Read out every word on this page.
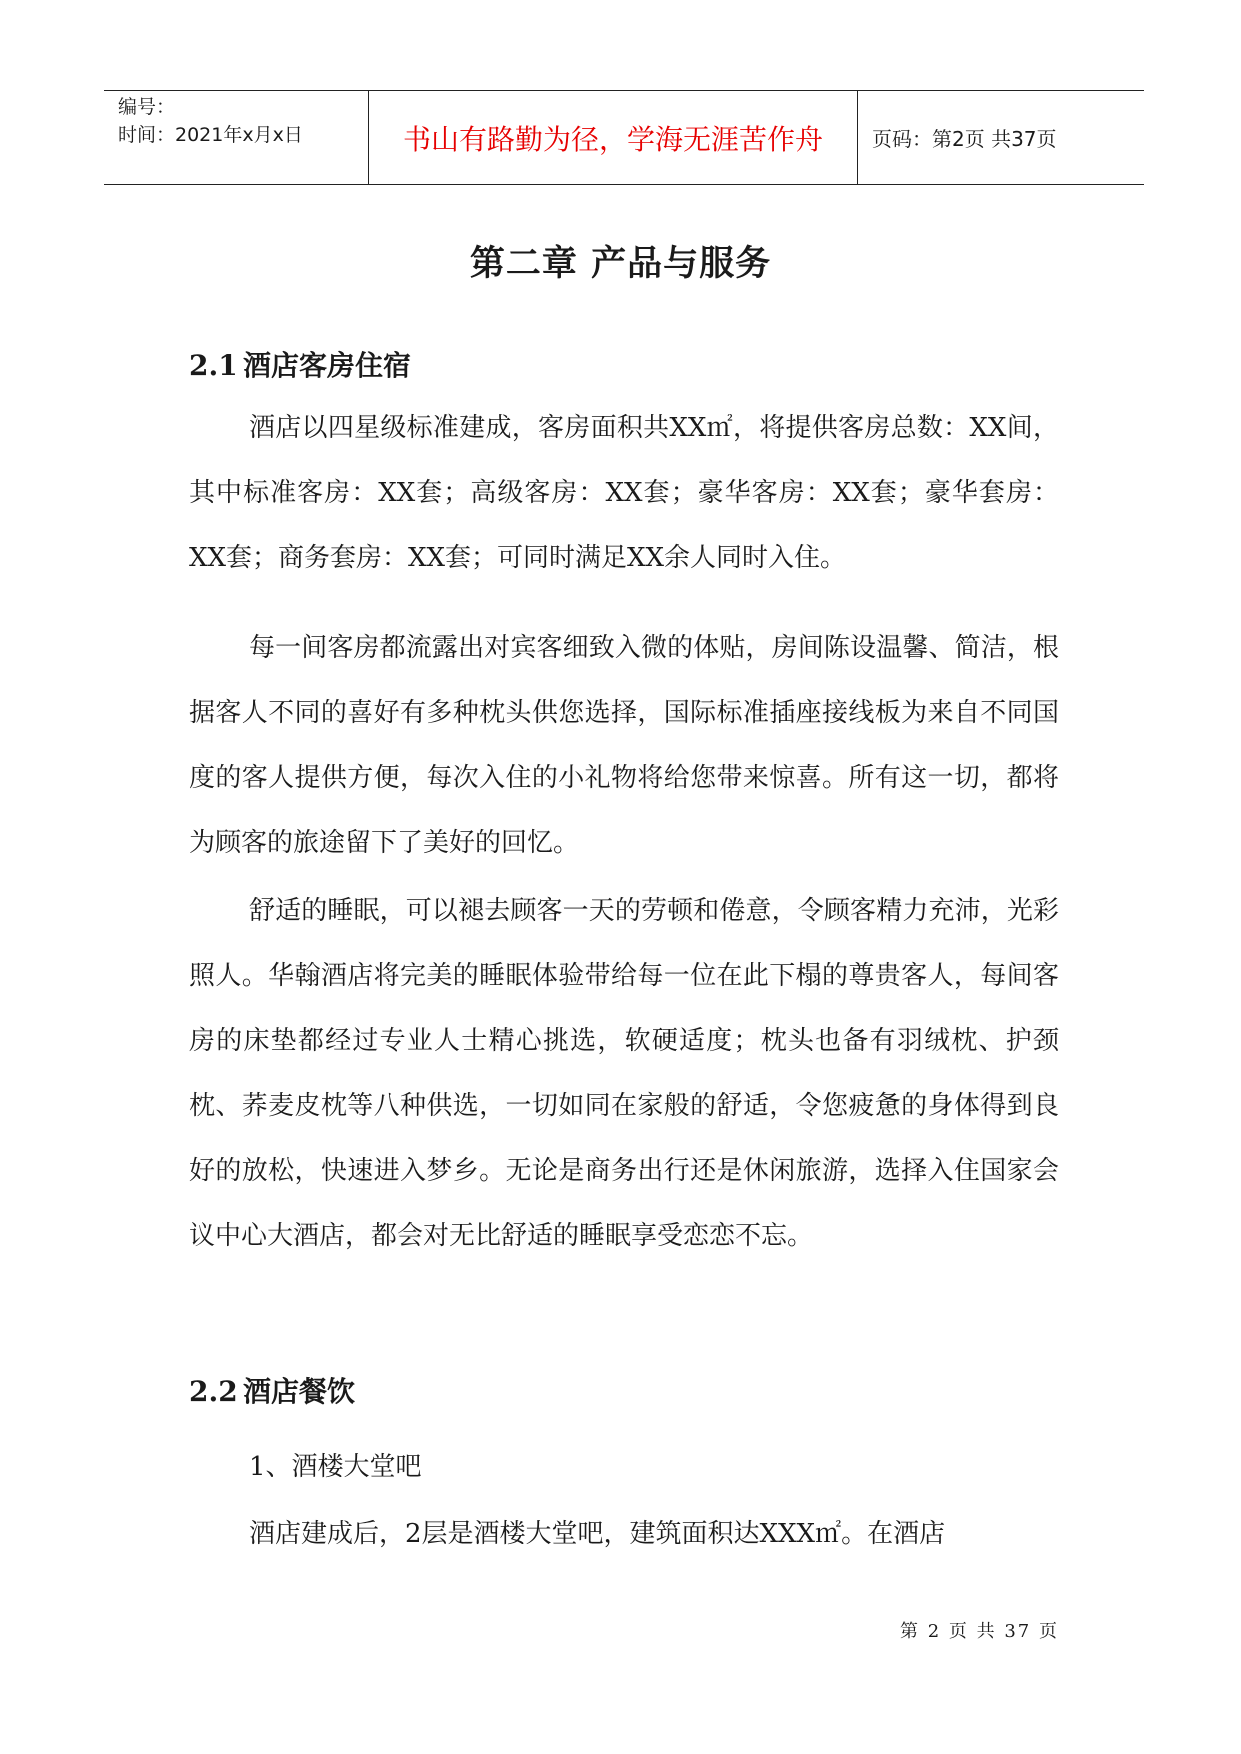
编号：
时间：2021年x月x日	书山有路勤为径，学海无涯苦作舟	页码：第2页 共37页
第二章 产品与服务
2.1 酒店客房住宿

酒店以四星级标准建成，客房面积共XX㎡，将提供客房总数：XX间，其中标准客房：XX套；高级客房：XX套；豪华客房：XX套；豪华套房：XX套；商务套房：XX套；可同时满足XX余人同时入住。

每一间客房都流露出对宾客细致入微的体贴，房间陈设温馨、简洁，根据客人不同的喜好有多种枕头供您选择，国际标准插座接线板为来自不同国度的客人提供方便，每次入住的小礼物将给您带来惊喜。所有这一切，都将为顾客的旅途留下了美好的回忆。

舒适的睡眠，可以褪去顾客一天的劳顿和倦意，令顾客精力充沛，光彩照人。华翰酒店将完美的睡眠体验带给每一位在此下榻的尊贵客人，每间客房的床垫都经过专业人士精心挑选，软硬适度；枕头也备有羽绒枕、护颈枕、荞麦皮枕等八种供选，一切如同在家般的舒适，令您疲惫的身体得到良好的放松，快速进入梦乡。无论是商务出行还是休闲旅游，选择入住国家会议中心大酒店，都会对无比舒适的睡眠享受恋恋不忘。

2.2 酒店餐饮

1、酒楼大堂吧

酒店建成后，2层是酒楼大堂吧，建筑面积达XXX㎡。在酒店

第 2 页 共 37 页
